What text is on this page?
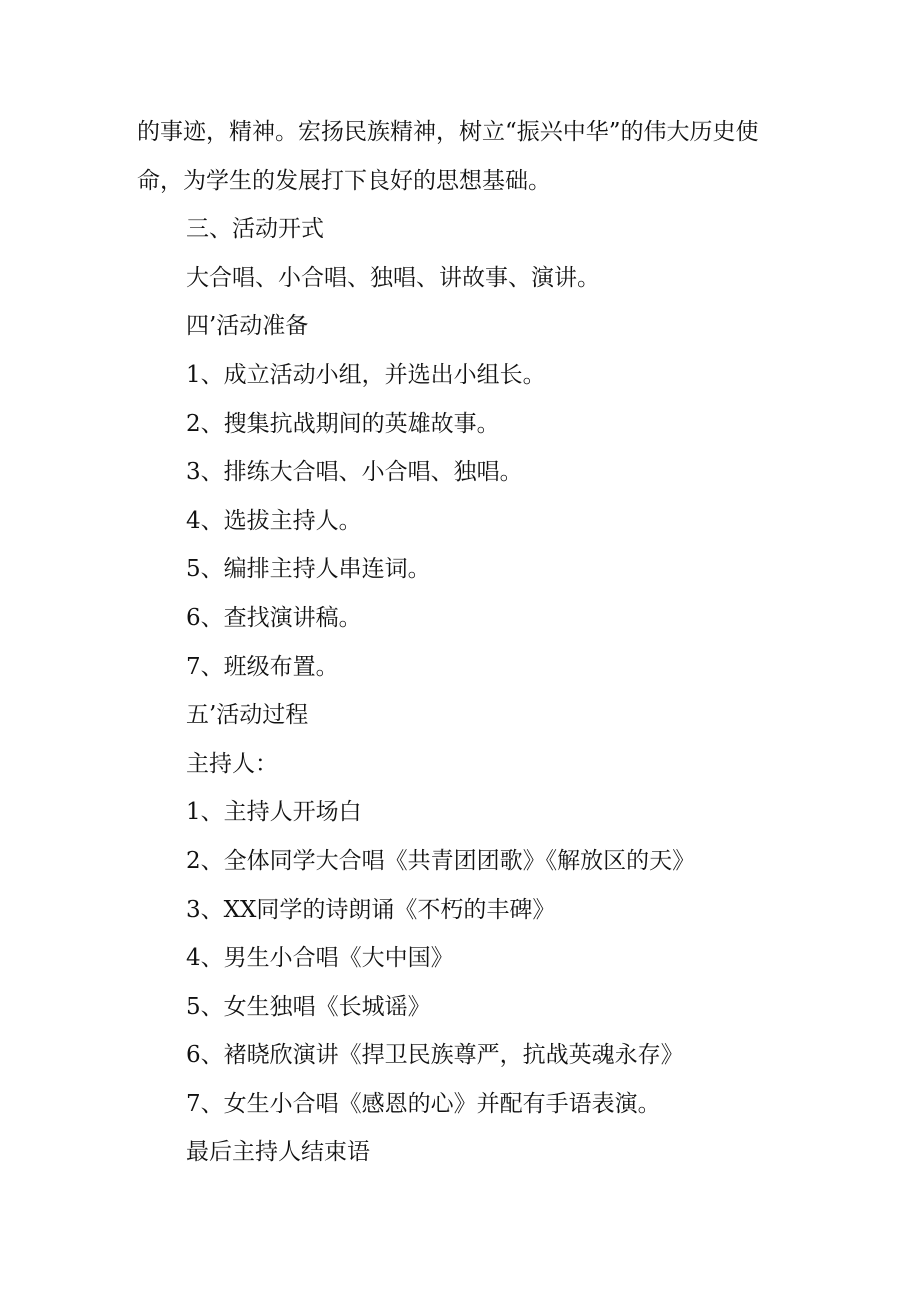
的事迹，精神。宏扬民族精神，树立“振兴中华”的伟大历史使
命，为学生的发展打下良好的思想基础。
三、活动开式
大合唱、小合唱、独唱、讲故事、演讲。
四’活动准备
1、成立活动小组，并选出小组长。
2、搜集抗战期间的英雄故事。
3、排练大合唱、小合唱、独唱。
4、选拔主持人。
5、编排主持人串连词。
6、查找演讲稿。
7、班级布置。
五’活动过程
主持人：
1、主持人开场白
2、全体同学大合唱《共青团团歌》《解放区的天》
3、XX同学的诗朗诵《不朽的丰碑》
4、男生小合唱《大中国》
5、女生独唱《长城谣》
6、褚晓欣演讲《捍卫民族尊严，抗战英魂永存》
7、女生小合唱《感恩的心》并配有手语表演。
最后主持人结束语
